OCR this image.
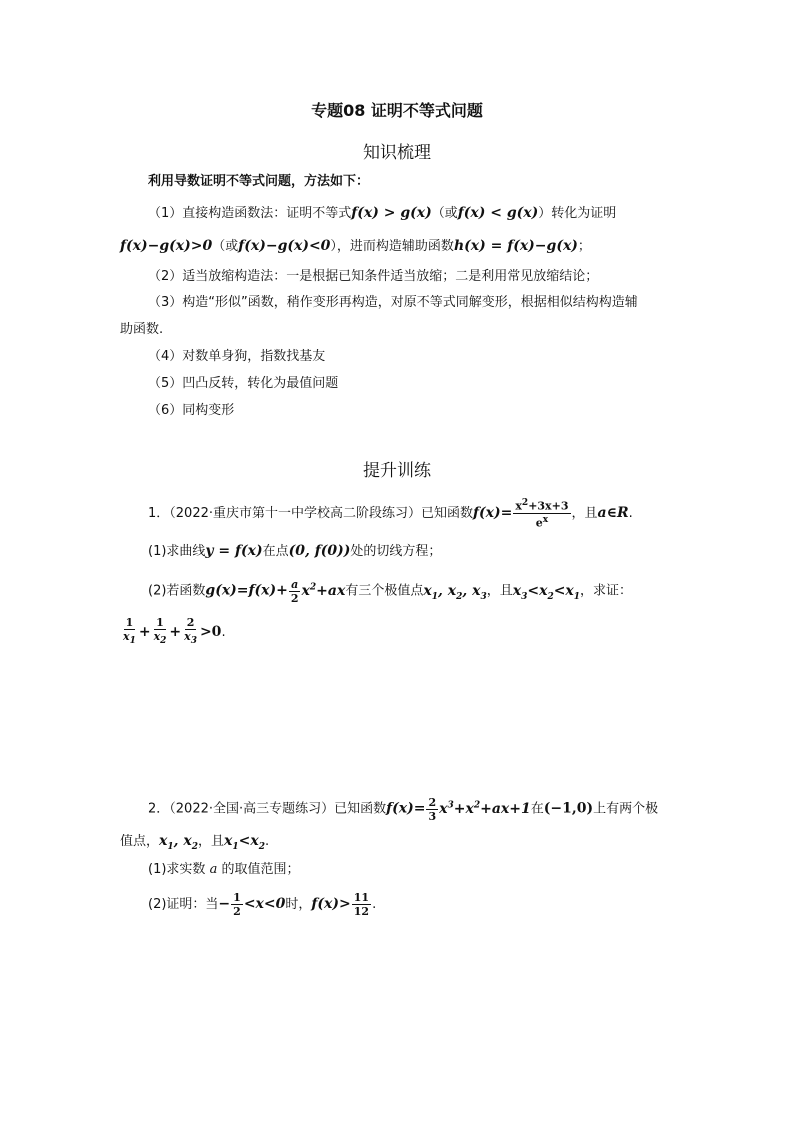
专题08 证明不等式问题
知识梳理
利用导数证明不等式问题，方法如下：
（1）直接构造函数法：证明不等式f(x) > g(x)（或f(x) < g(x)）转化为证明
f(x)−g(x)>0（或f(x)−g(x)<0），进而构造辅助函数h(x) = f(x)−g(x)；
（2）适当放缩构造法：一是根据已知条件适当放缩；二是利用常见放缩结论；
（3）构造“形似”函数，稍作变形再构造，对原不等式同解变形，根据相似结构构造辅
助函数.
（4）对数单身狗，指数找基友
（5）凹凸反转，转化为最值问题
（6）同构变形
提升训练
1．（2022·重庆市第十一中学校高二阶段练习）已知函数$f(x)= \frac{x^2+3x+3}{e^x}$ ，且a∈R.
(1)求曲线y = f(x)在点(0, f(0))处的切线方程；
(2)若函数$g(x)=f(x)+ \frac{a}{2} x^2+ax$有三个极值点$x_1$, $x_2$, $x_3$，且$x_3<x_2<x_1$，求证：
$\frac{1}{x_1} + \frac{1}{x_2} + \frac{2}{x_3} >0$.
2．（2022·全国·高三专题练习）已知函数$f(x)= \frac{2}{3} x^3+x^2+ax+1$在(−1,0)上有两个极
值点，$x_1$, $x_2$，且$x_1<x_2$.
(1)求实数 a 的取值范围；
(2)证明：当− $\frac{1}{2} <x<0$时，$f(x)> \frac{11}{12}$ .
